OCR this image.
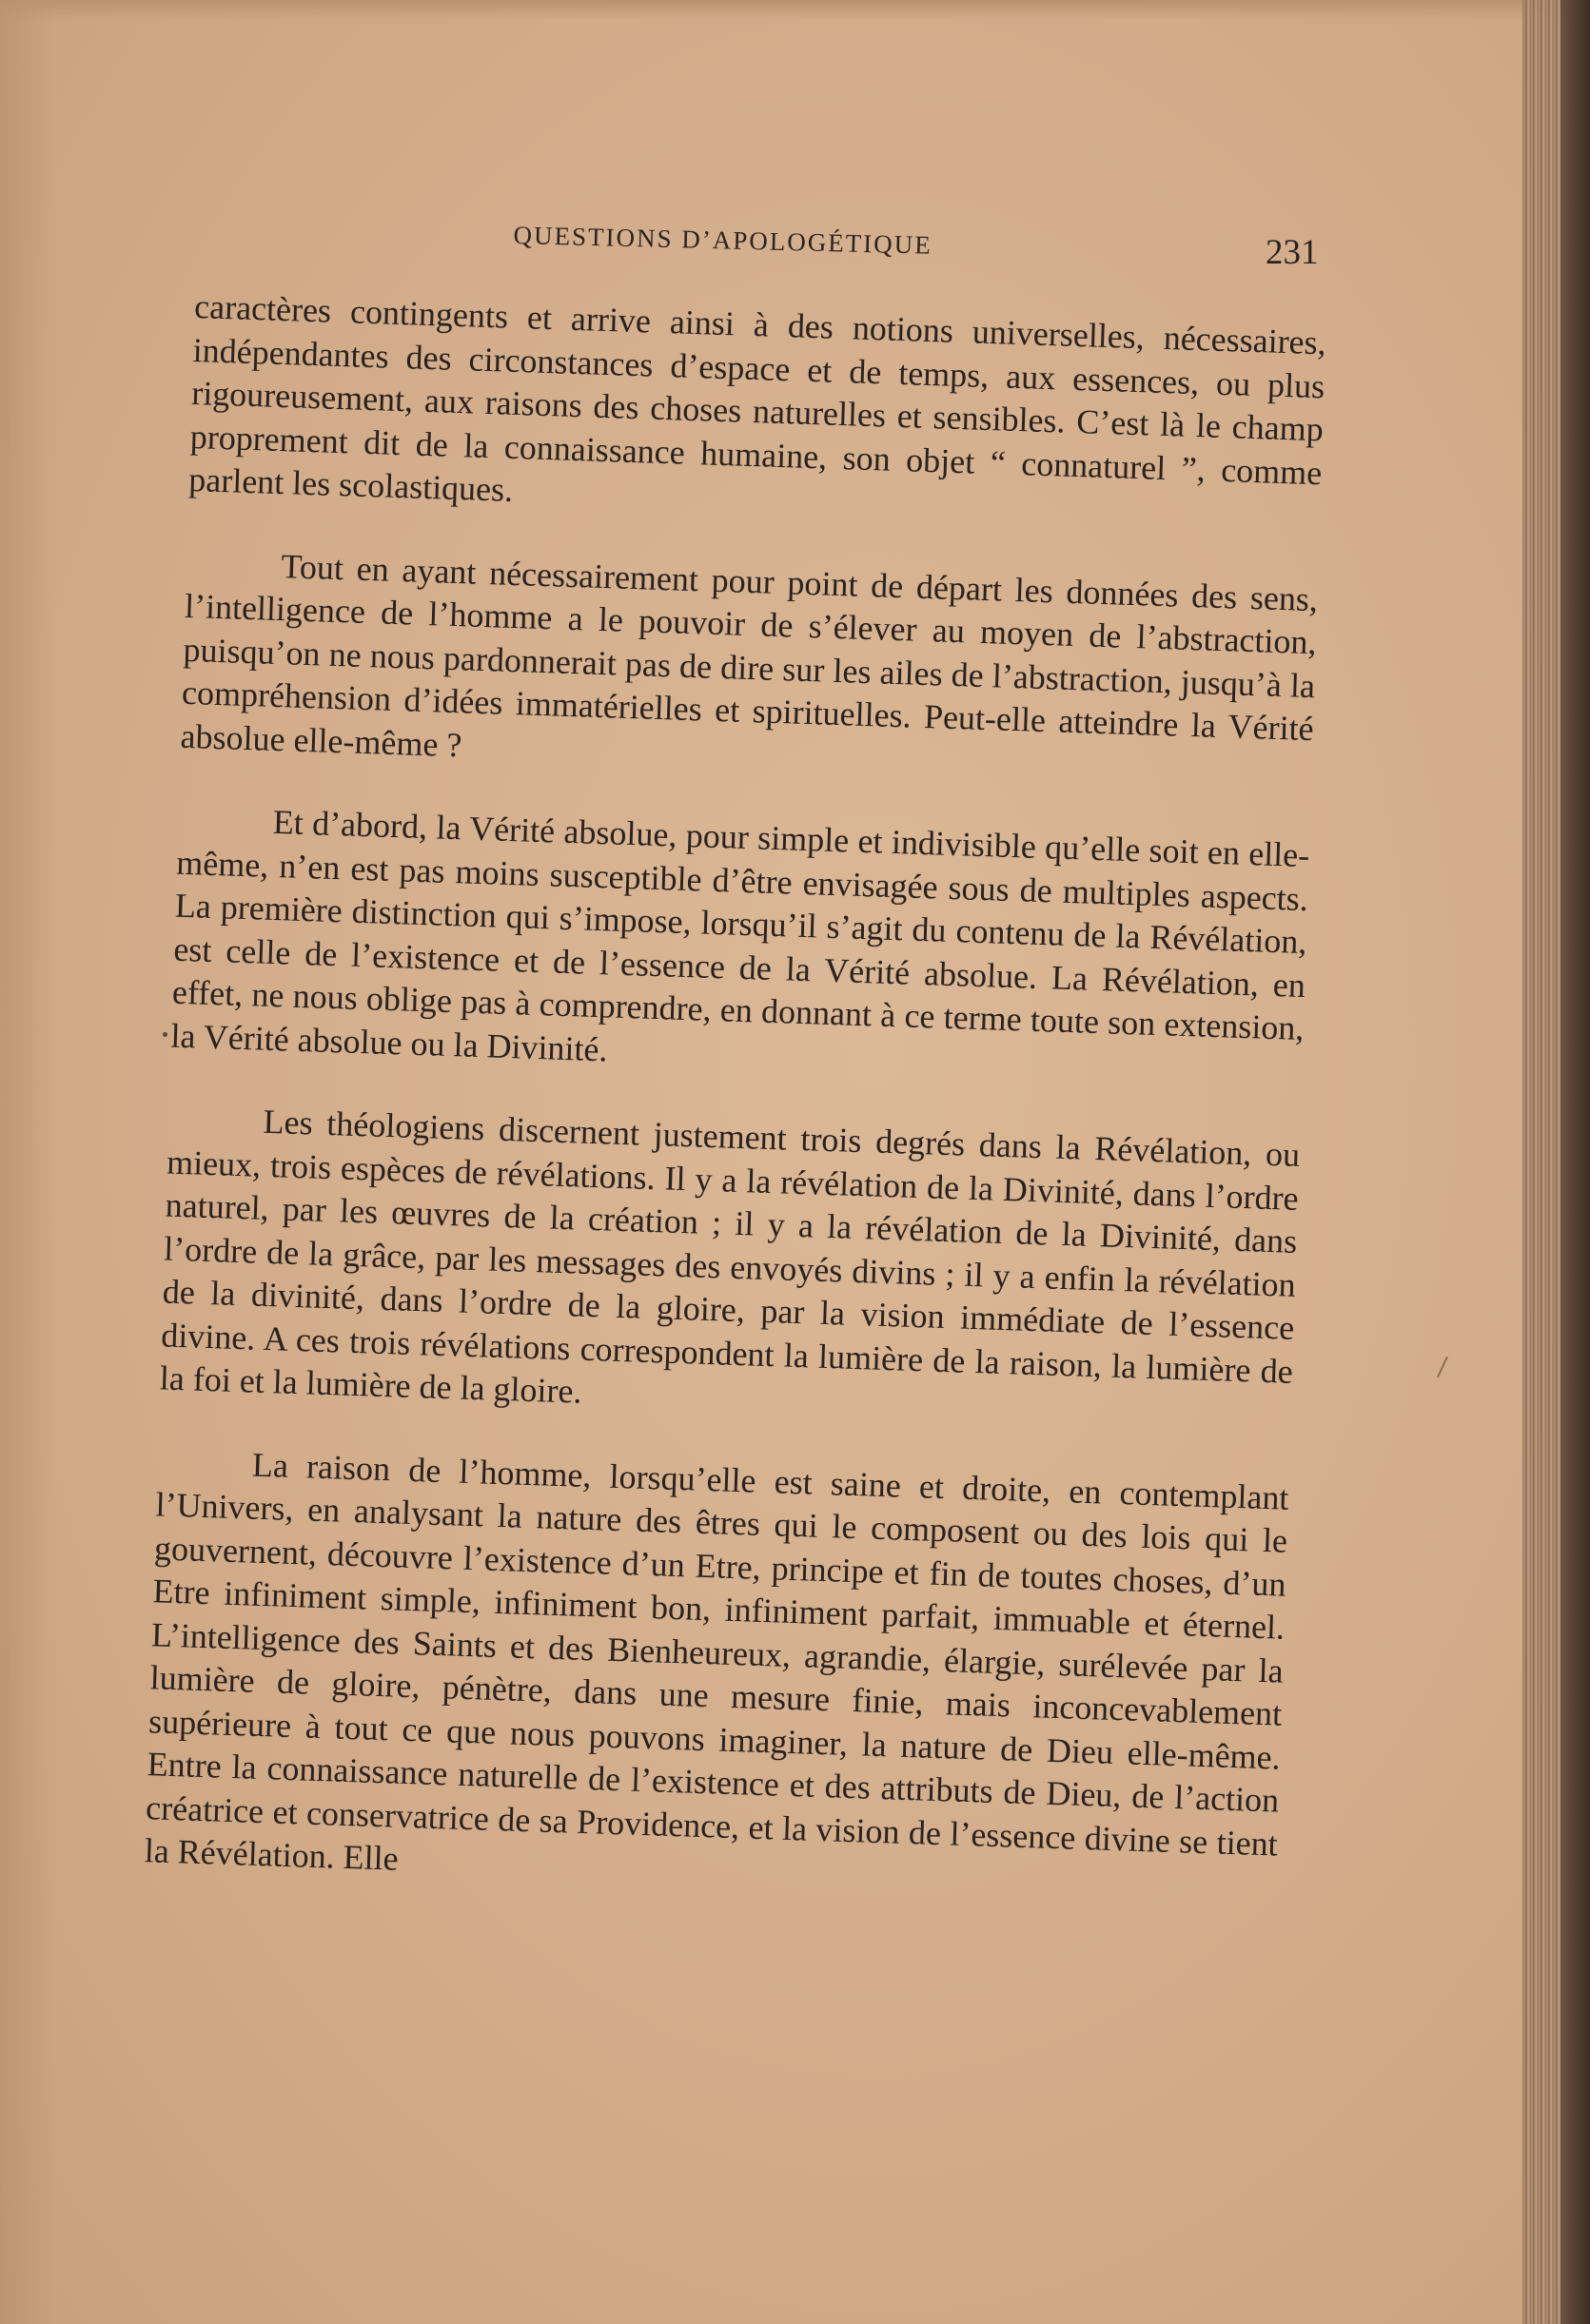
QUESTIONS D’APOLOGÉTIQUE	231

caractères contingents et arrive ainsi à des notions universelles, nécessaires, indépendantes des circonstances d’espace et de temps, aux essences, ou plus rigoureusement, aux raisons des choses naturelles et sensibles. C’est là le champ proprement dit de la connaissance humaine, son objet “ connaturel ”, comme parlent les scolastiques.

Tout en ayant nécessairement pour point de départ les données des sens, l’intelligence de l’homme a le pouvoir de s’élever au moyen de l’abstraction, puisqu’on ne nous pardonnerait pas de dire sur les ailes de l’abstraction, jusqu’à la compréhension d’idées immatérielles et spirituelles. Peut-elle atteindre la Vérité absolue elle-même ?

Et d’abord, la Vérité absolue, pour simple et indivisible qu’elle soit en elle-même, n’en est pas moins susceptible d’être envisagée sous de multiples aspects. La première distinction qui s’impose, lorsqu’il s’agit du contenu de la Révélation, est celle de l’existence et de l’essence de la Vérité absolue. La Révélation, en effet, ne nous oblige pas à comprendre, en donnant à ce terme toute son extension, la Vérité absolue ou la Divinité.

Les théologiens discernent justement trois degrés dans la Révélation, ou mieux, trois espèces de révélations. Il y a la révélation de la Divinité, dans l’ordre naturel, par les œuvres de la création ; il y a la révélation de la Divinité, dans l’ordre de la grâce, par les messages des envoyés divins ; il y a enfin la révélation de la divinité, dans l’ordre de la gloire, par la vision immédiate de l’essence divine. A ces trois révélations correspondent la lumière de la raison, la lumière de la foi et la lumière de la gloire.

La raison de l’homme, lorsqu’elle est saine et droite, en contemplant l’Univers, en analysant la nature des êtres qui le composent ou des lois qui le gouvernent, découvre l’existence d’un Etre, principe et fin de toutes choses, d’un Etre infiniment simple, infiniment bon, infiniment parfait, immuable et éternel. L’intelligence des Saints et des Bienheureux, agrandie, élargie, surélevée par la lumière de gloire, pénètre, dans une mesure finie, mais inconcevablement supérieure à tout ce que nous pouvons imaginer, la nature de Dieu elle-même. Entre la connaissance naturelle de l’existence et des attributs de Dieu, de l’action créatrice et conservatrice de sa Providence, et la vision de l’essence divine se tient la Révélation. Elle
